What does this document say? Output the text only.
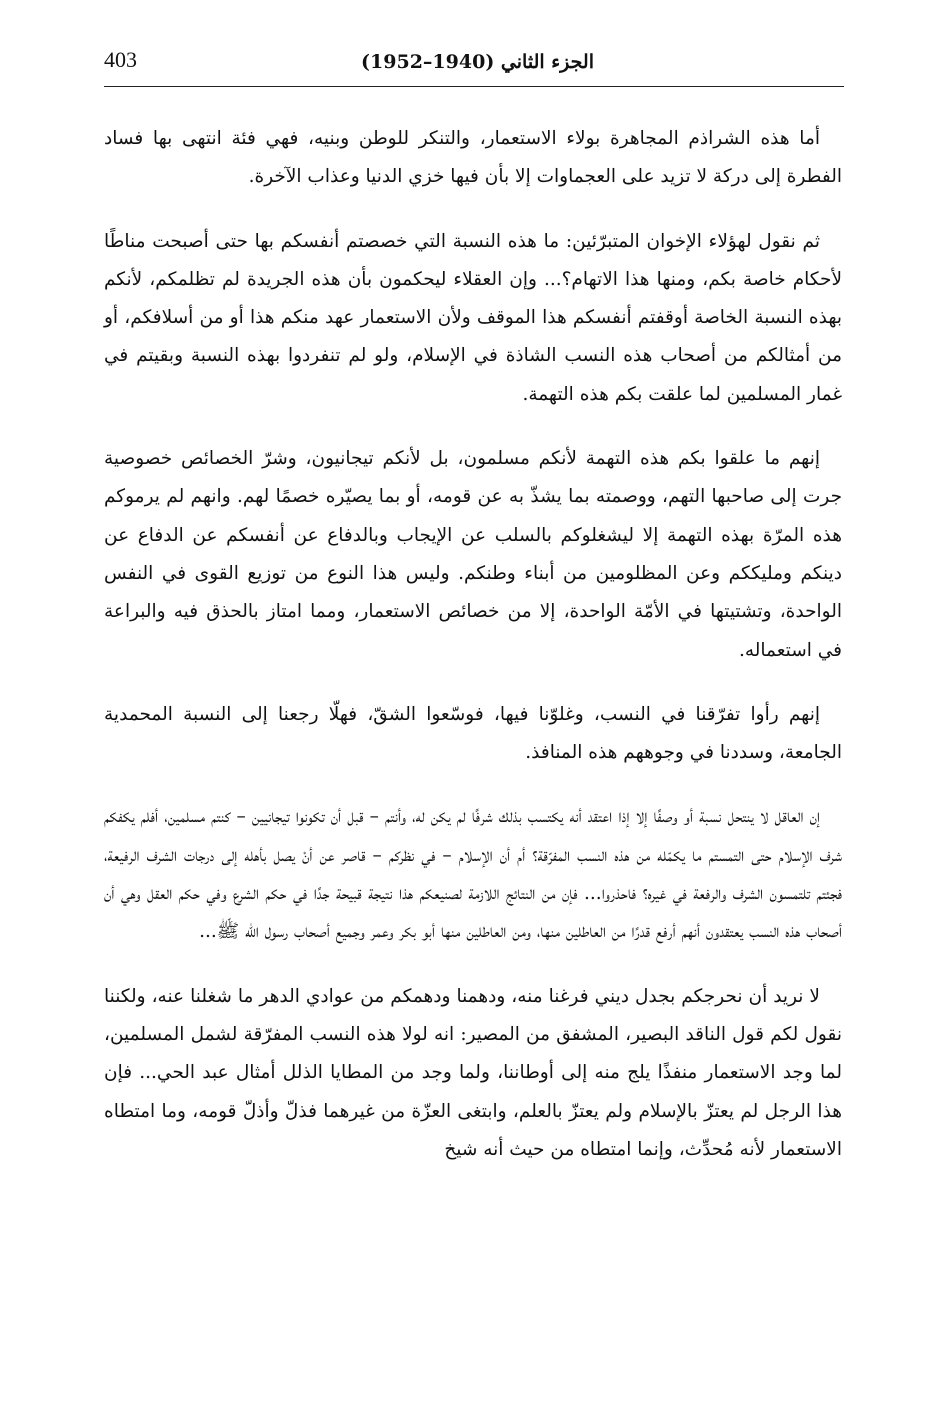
403	الجزء الثاني (1940–1952)

أما هذه الشراذم المجاهرة بولاء الاستعمار، والتنكر للوطن وبنيه، فهي فئة انتهى بها فساد الفطرة إلى دركة لا تزيد على العجماوات إلا بأن فيها خزي الدنيا وعذاب الآخرة.

ثم نقول لهؤلاء الإخوان المتبرّئين: ما هذه النسبة التي خصصتم أنفسكم بها حتى أصبحت مناطًا لأحكام خاصة بكم، ومنها هذا الاتهام؟... وإن العقلاء ليحكمون بأن هذه الجريدة لم تظلمكم، لأنكم بهذه النسبة الخاصة أوقفتم أنفسكم هذا الموقف ولأن الاستعمار عهد منكم هذا أو من أسلافكم، أو من أمثالكم من أصحاب هذه النسب الشاذة في الإسلام، ولو لم تنفردوا بهذه النسبة وبقيتم في غمار المسلمين لما علقت بكم هذه التهمة.

إنهم ما علقوا بكم هذه التهمة لأنكم مسلمون، بل لأنكم تيجانيون، وشرّ الخصائص خصوصية جرت إلى صاحبها التهم، ووصمته بما يشذّ به عن قومه، أو بما يصيّره خصمًا لهم. وانهم لم يرموكم هذه المرّة بهذه التهمة إلا ليشغلوكم بالسلب عن الإيجاب وبالدفاع عن أنفسكم عن الدفاع عن دينكم ومليككم وعن المظلومين من أبناء وطنكم. وليس هذا النوع من توزيع القوى في النفس الواحدة، وتشتيتها في الأمّة الواحدة، إلا من خصائص الاستعمار، ومما امتاز بالحذق فيه والبراعة في استعماله.

إنهم رأوا تفرّقنا في النسب، وغلوّنا فيها، فوسّعوا الشقّ، فهلّا رجعنا إلى النسبة المحمدية الجامعة، وسددنا في وجوههم هذه المنافذ.

إن العاقل لا ينتحل نسبة أو وصفًا إلا إذا اعتقد أنه يكتسب بذلك شرفًا لم يكن له، وأنتم – قبل أن تكونوا تيجانيين – كنتم مسلمين، أفلم يكفكم شرف الإسلام حتى التمستم ما يكمّله من هذه النسب المفرّقة؟ أم أن الإسلام – في نظركم – قاصر عن أنْ يصل بأهله إلى درجات الشرف الرفيعة، فجئتم تلتمسون الشرف والرفعة في غيره؟ فاحذروا... فإن من النتائج اللازمة لصنيعكم هذا نتيجة قبيحة جدًا في حكم الشرع وفي حكم العقل وهي أن أصحاب هذه النسب يعتقدون أنهم أرفع قدرًا من العاطلين منها، ومن العاطلين منها أبو بكر وعمر وجميع أصحاب رسول الله ﷺ...

لا نريد أن نحرجكم بجدل ديني فرغنا منه، ودهمنا ودهمكم من عوادي الدهر ما شغلنا عنه، ولكننا نقول لكم قول الناقد البصير، المشفق من المصير: انه لولا هذه النسب المفرّقة لشمل المسلمين، لما وجد الاستعمار منفذًا يلج منه إلى أوطاننا، ولما وجد من المطايا الذلل أمثال عبد الحي... فإن هذا الرجل لم يعتزّ بالإسلام ولم يعتزّ بالعلم، وابتغى العزّة من غيرهما فذلّ وأذلّ قومه، وما امتطاه الاستعمار لأنه مُحدِّث، وإنما امتطاه من حيث أنه شيخ
